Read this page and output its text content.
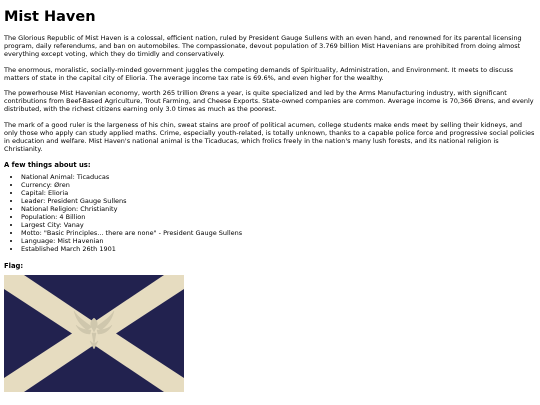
Mist Haven

The Glorious Republic of Mist Haven is a colossal, efficient nation, ruled by President Gauge Sullens with an even hand, and renowned for its parental licensing program, daily referendums, and ban on automobiles. The compassionate, devout population of 3.769 billion Mist Havenians are prohibited from doing almost everything except voting, which they do timidly and conservatively.

The enormous, moralistic, socially-minded government juggles the competing demands of Spirituality, Administration, and Environment. It meets to discuss matters of state in the capital city of Elioria. The average income tax rate is 69.6%, and even higher for the wealthy.

The powerhouse Mist Havenian economy, worth 265 trillion Ørens a year, is quite specialized and led by the Arms Manufacturing industry, with significant contributions from Beef-Based Agriculture, Trout Farming, and Cheese Exports. State-owned companies are common. Average income is 70,366 Ørens, and evenly distributed, with the richest citizens earning only 3.0 times as much as the poorest.

The mark of a good ruler is the largeness of his chin, sweat stains are proof of political acumen, college students make ends meet by selling their kidneys, and only those who apply can study applied maths. Crime, especially youth-related, is totally unknown, thanks to a capable police force and progressive social policies in education and welfare. Mist Haven's national animal is the Ticaducas, which frolics freely in the nation's many lush forests, and its national religion is Christianity.

A few things about us:
• National Animal: Ticaducas
• Currency: Øren
• Capital: Elioria
• Leader: President Gauge Sullens
• National Religion: Christianity
• Population: 4 Billion
• Largest City: Vanay
• Motto: "Basic Principles... there are none" - President Gauge Sullens
• Language: Mist Havenian
• Established March 26th 1901
Flag:
